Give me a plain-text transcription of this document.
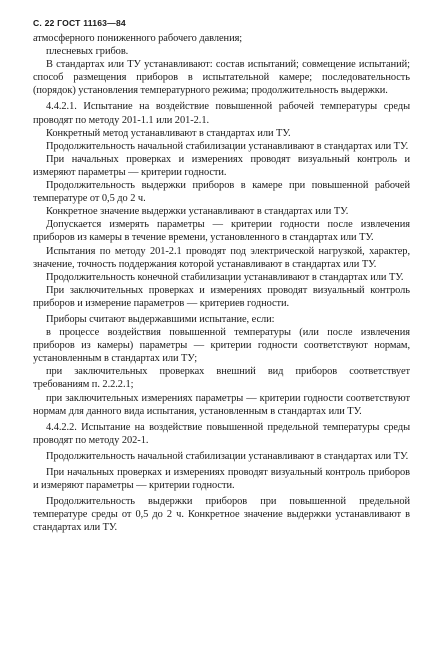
С. 22 ГОСТ 11163—84

атмосферного пониженного рабочего давления;

плесневых грибов.

В стандартах или ТУ устанавливают: состав испытаний; совмещение испытаний; способ размещения приборов в испытательной камере; последовательность (порядок) установления температурного режима; продолжительность выдержки.

4.4.2.1. Испытание на воздействие повышенной рабочей температуры среды проводят по методу 201-1.1 или 201-2.1.

Конкретный метод устанавливают в стандартах или ТУ.

Продолжительность начальной стабилизации устанавливают в стандартах или ТУ.

При начальных проверках и измерениях проводят визуальный контроль и измеряют параметры — критерии годности.

Продолжительность выдержки приборов в камере при повышенной рабочей температуре от 0,5 до 2 ч.

Конкретное значение выдержки устанавливают в стандартах или ТУ.

Допускается измерять параметры — критерии годности после извлечения приборов из камеры в течение времени, установленного в стандартах или ТУ.

Испытания по методу 201-2.1 проводят под электрической нагрузкой, характер, значение, точность поддержания которой устанавливают в стандартах или ТУ.

Продолжительность конечной стабилизации устанавливают в стандартах или ТУ.

При заключительных проверках и измерениях проводят визуальный контроль приборов и измерение параметров — критериев годности.

Приборы считают выдержавшими испытание, если:

в процессе воздействия повышенной температуры (или после извлечения приборов из камеры) параметры — критерии годности соответствуют нормам, установленным в стандартах или ТУ;

при заключительных проверках внешний вид приборов соответствует требованиям п. 2.2.2.1;

при заключительных измерениях параметры — критерии годности соответствуют нормам для данного вида испытания, установленным в стандартах или ТУ.

4.4.2.2. Испытание на воздействие повышенной предельной температуры среды проводят по методу 202-1.

Продолжительность начальной стабилизации устанавливают в стандартах или ТУ.

При начальных проверках и измерениях проводят визуальный контроль приборов и измеряют параметры — критерии годности.

Продолжительность выдержки приборов при повышенной предельной температуре среды от 0,5 до 2 ч. Конкретное значение выдержки устанавливают в стандартах или ТУ.
